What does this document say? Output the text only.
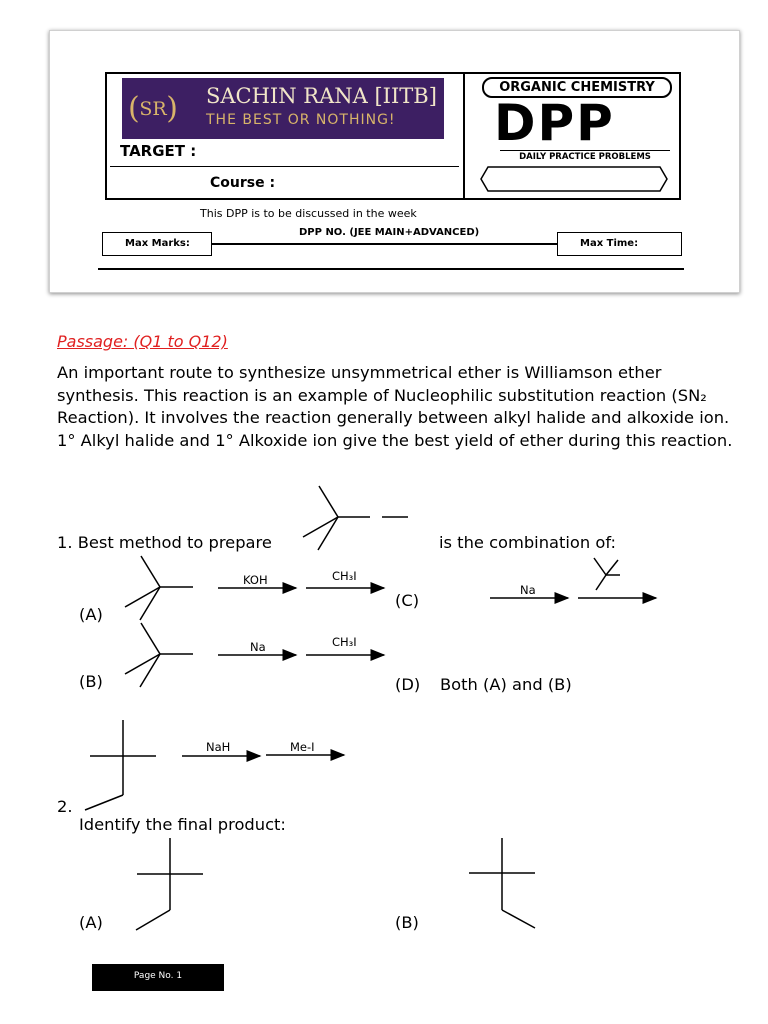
( SR ) SACHIN RANA [IITB]
THE BEST OR NOTHING!
TARGET :
Course :
ORGANIC CHEMISTRY
DPP
DAILY PRACTICE PROBLEMS
This DPP is to be discussed in the week
DPP NO. (JEE MAIN+ADVANCED)
Max Marks:	Max Time:
Passage: (Q1 to Q12)
An important route to synthesize unsymmetrical ether is Williamson ether synthesis. This reaction is an example of Nucleophilic substitution reaction (SN₂ Reaction). It involves the reaction generally between alkyl halide and alkoxide ion. 1° Alkyl halide and 1° Alkoxide ion give the best yield of ether during this reaction.
1. Best method to prepare	is the combination of:
(A)
(B)
(C)
(D) Both (A) and (B)
KOH	CH₃I
Na	CH₃I
Na
2.
Identify the final product:
NaH	Me-I
(A)	(B)
Page No. 1
